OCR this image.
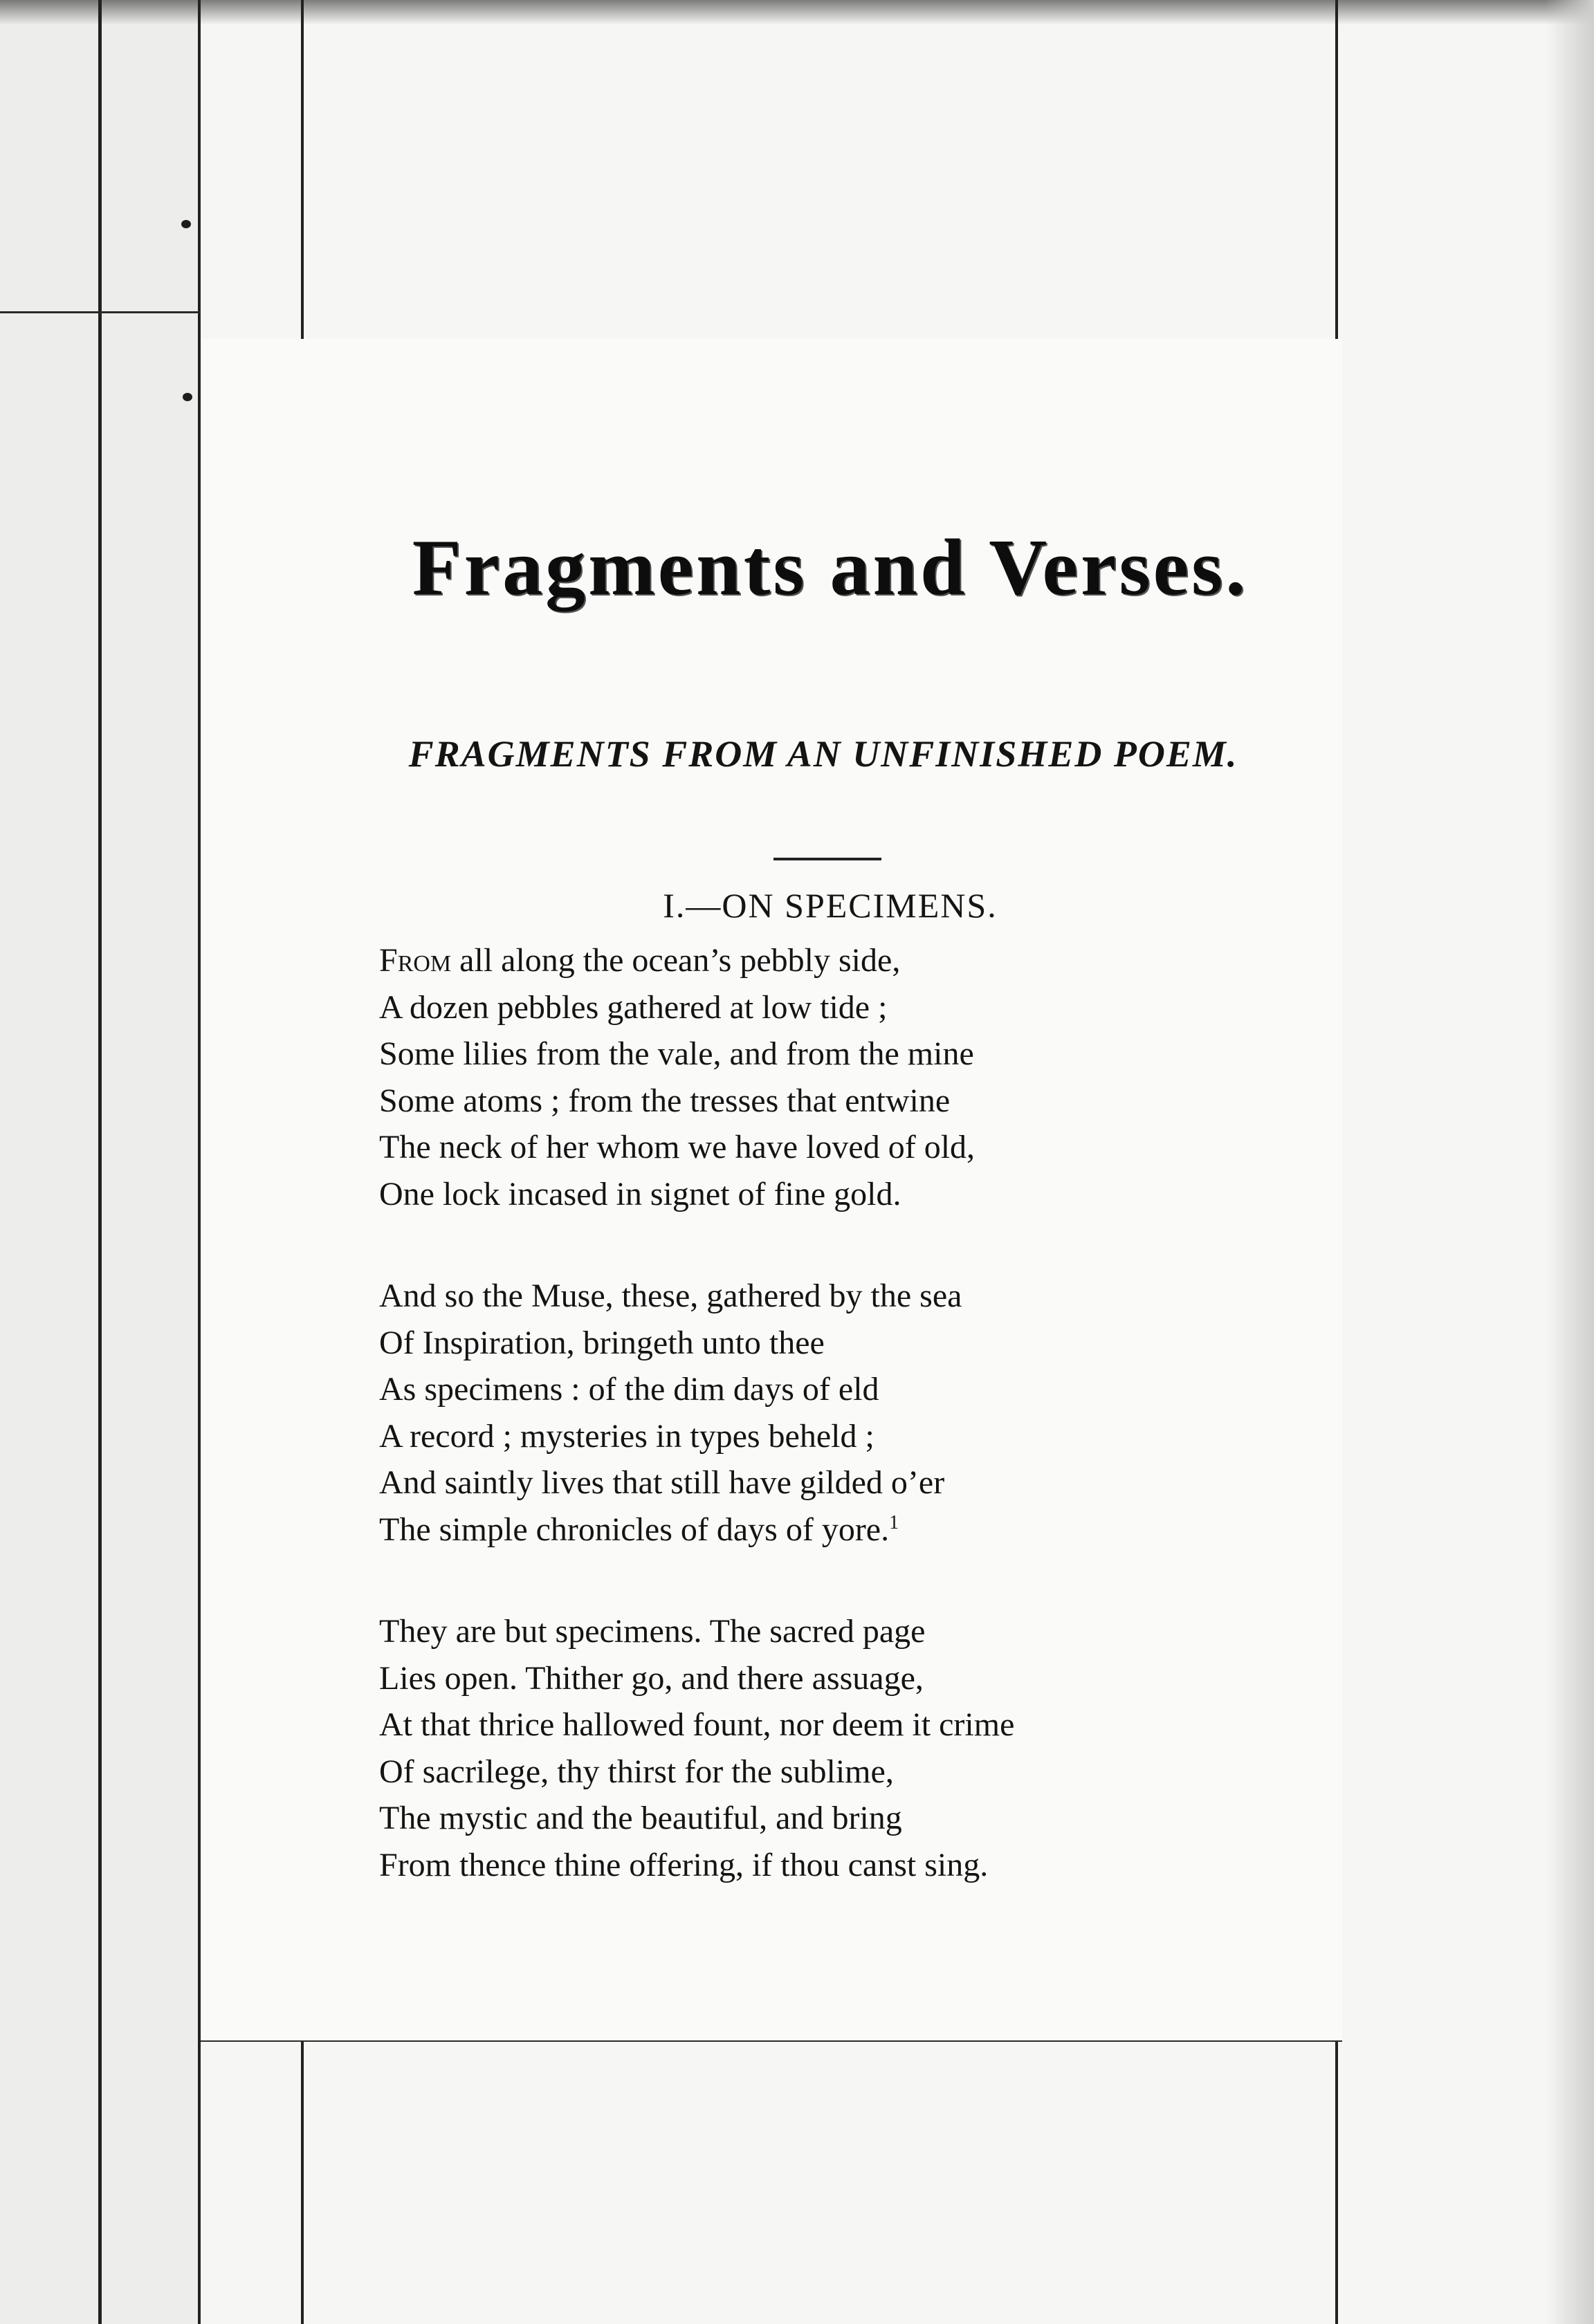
Fragments and Verses.
FRAGMENTS FROM AN UNFINISHED POEM.
I.—ON SPECIMENS.
From all along the ocean’s pebbly side,
A dozen pebbles gathered at low tide ;
Some lilies from the vale, and from the mine
Some atoms ; from the tresses that entwine
The neck of her whom we have loved of old,
One lock incased in signet of fine gold.
And so the Muse, these, gathered by the sea
Of Inspiration, bringeth unto thee
As specimens : of the dim days of eld
A record ; mysteries in types beheld ;
And saintly lives that still have gilded o’er
The simple chronicles of days of yore.$^1$
They are but specimens. The sacred page
Lies open. Thither go, and there assuage,
At that thrice hallowed fount, nor deem it crime
Of sacrilege, thy thirst for the sublime,
The mystic and the beautiful, and bring
From thence thine offering, if thou canst sing.
